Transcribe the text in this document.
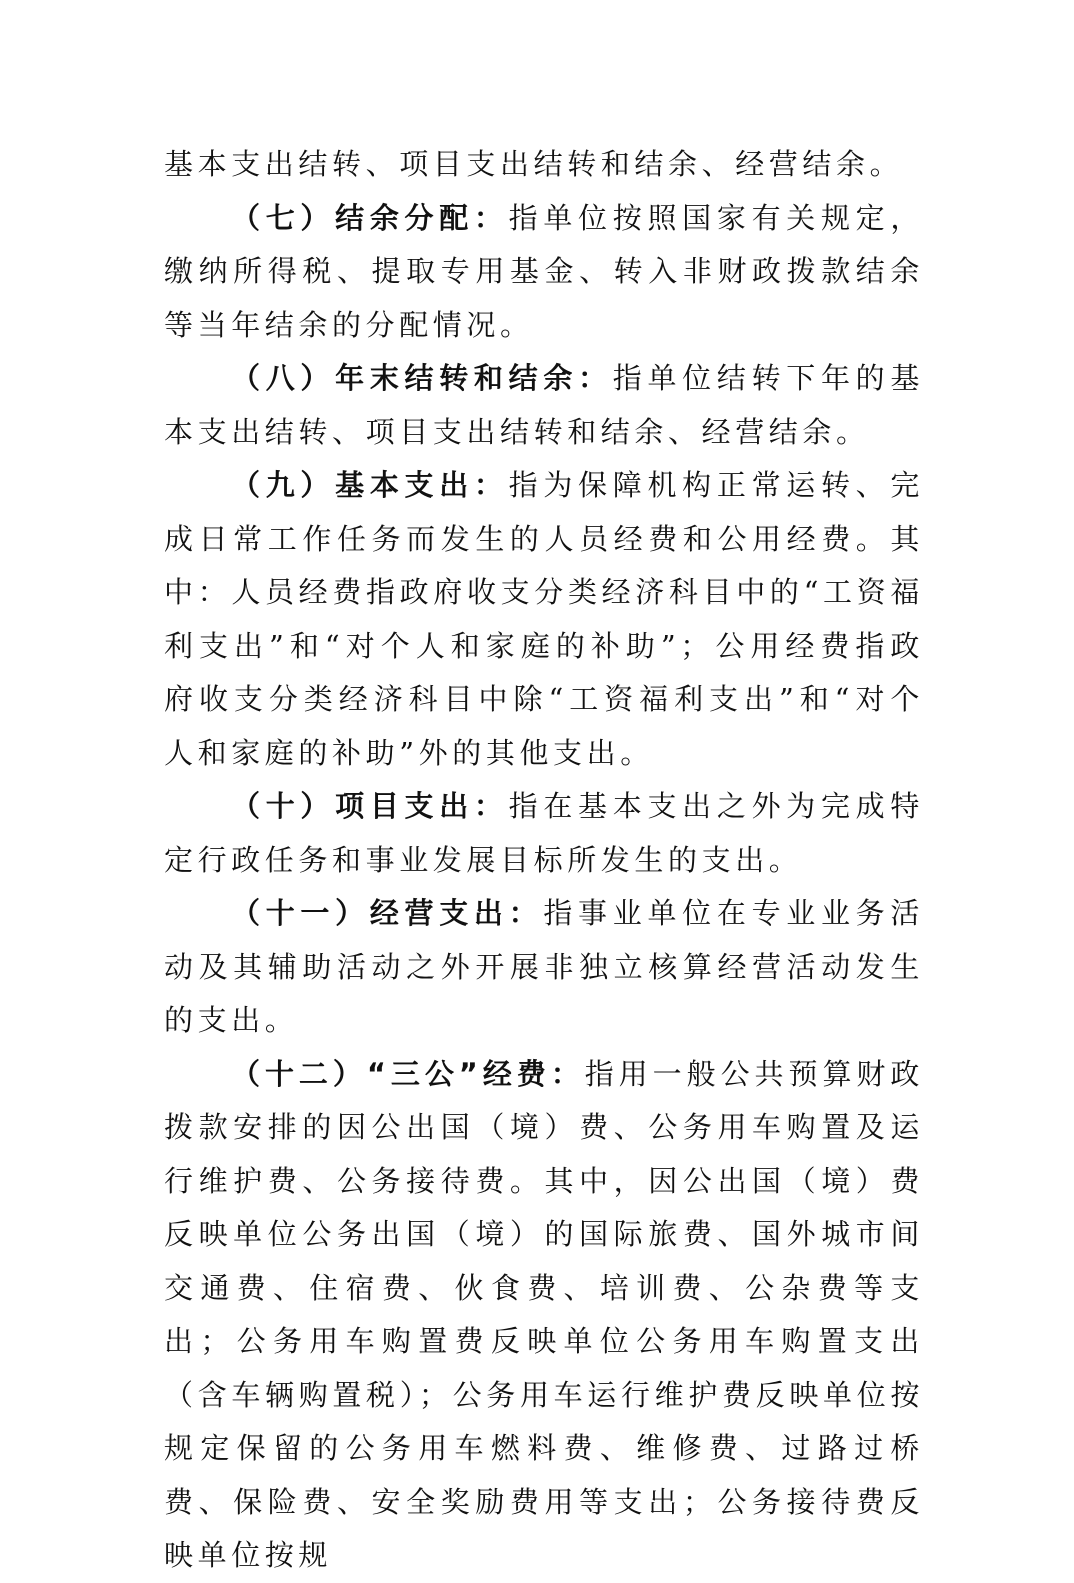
基本支出结转、项目支出结转和结余、经营结余。

（七）结余分配：指单位按照国家有关规定，缴纳所得税、提取专用基金、转入非财政拨款结余等当年结余的分配情况。

（八）年末结转和结余：指单位结转下年的基本支出结转、项目支出结转和结余、经营结余。

（九）基本支出：指为保障机构正常运转、完成日常工作任务而发生的人员经费和公用经费。其中：人员经费指政府收支分类经济科目中的“工资福利支出”和“对个人和家庭的补助”；公用经费指政府收支分类经济科目中除“工资福利支出”和“对个人和家庭的补助”外的其他支出。

（十）项目支出：指在基本支出之外为完成特定行政任务和事业发展目标所发生的支出。

（十一）经营支出：指事业单位在专业业务活动及其辅助活动之外开展非独立核算经营活动发生的支出。

（十二）“三公”经费：指用一般公共预算财政拨款安排的因公出国（境）费、公务用车购置及运行维护费、公务接待费。其中，因公出国（境）费反映单位公务出国（境）的国际旅费、国外城市间交通费、住宿费、伙食费、培训费、公杂费等支出；公务用车购置费反映单位公务用车购置支出（含车辆购置税）；公务用车运行维护费反映单位按规定保留的公务用车燃料费、维修费、过路过桥费、保险费、安全奖励费用等支出；公务接待费反映单位按规
